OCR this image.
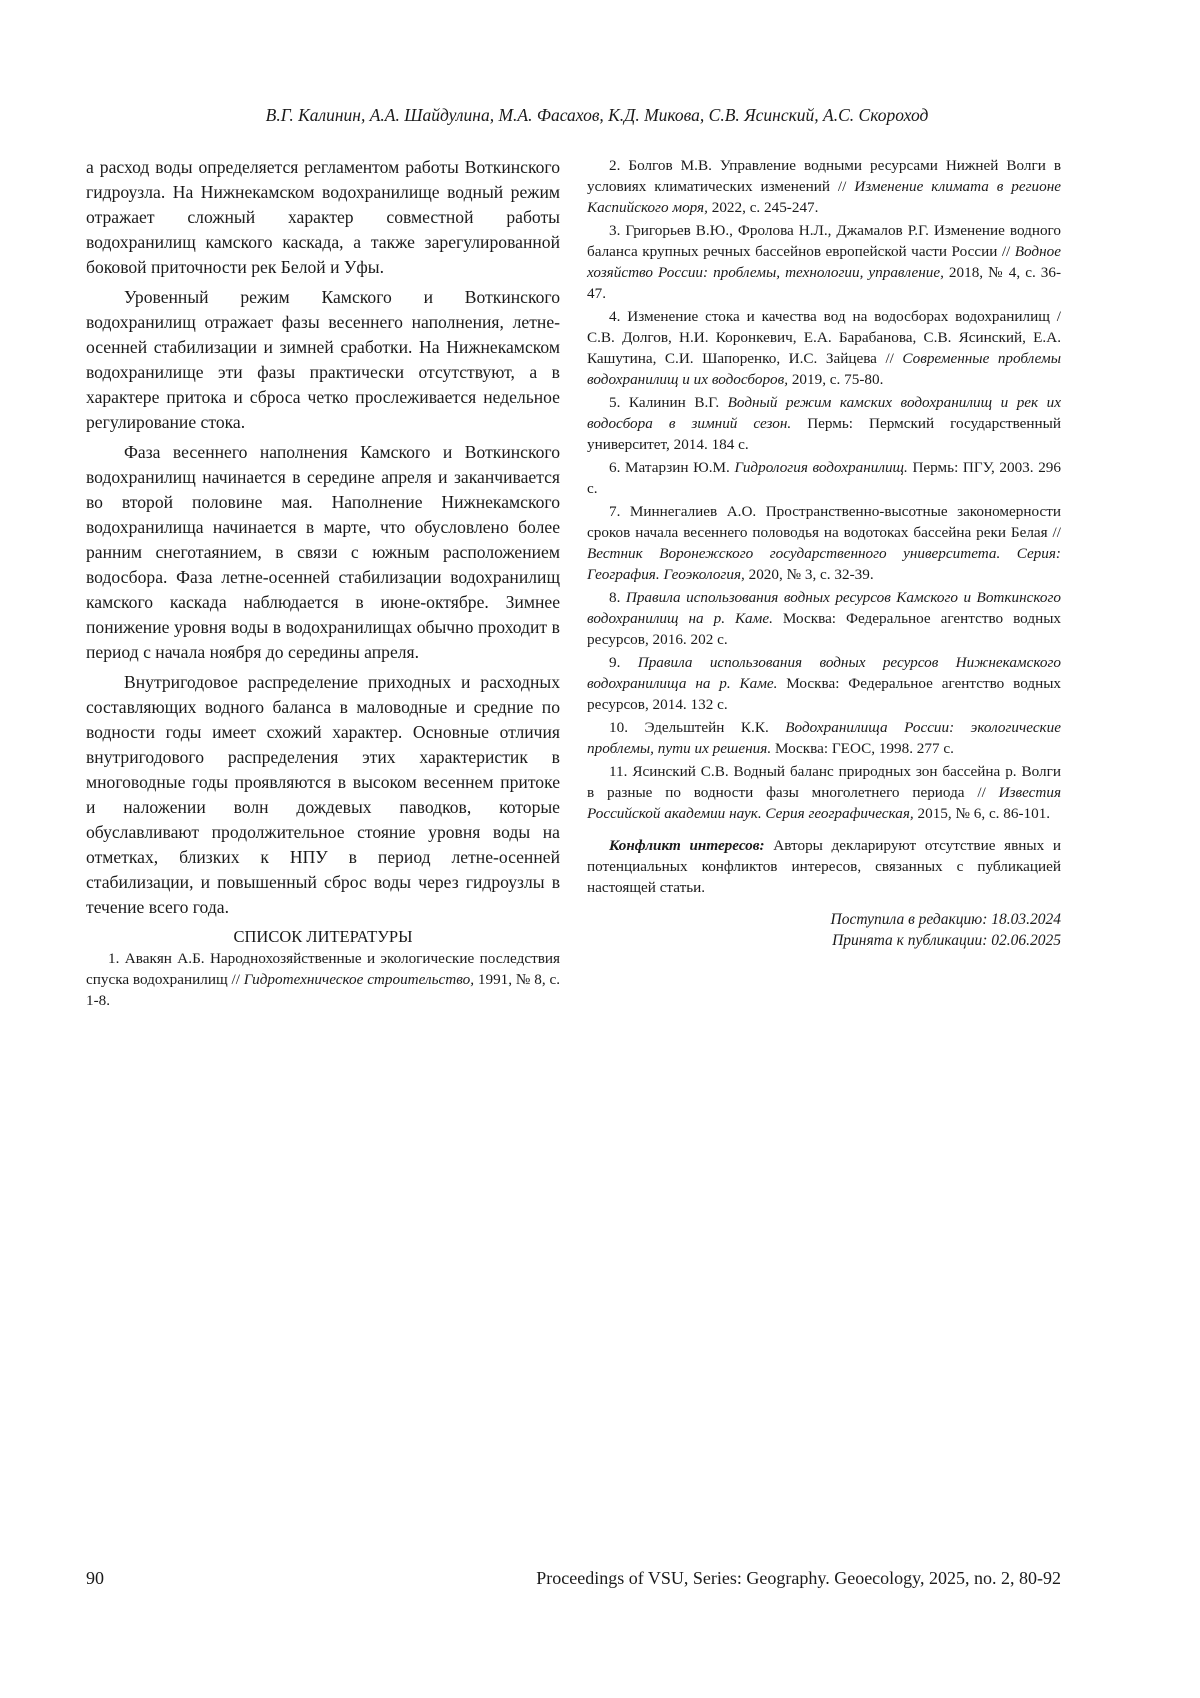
В.Г. Калинин, А.А. Шайдулина, М.А. Фасахов, К.Д. Микова, С.В. Ясинский, А.С. Скороход

а расход воды определяется регламентом работы Воткинского гидроузла. На Нижнекамском водохранилище водный режим отражает сложный характер совместной работы водохранилищ камского каскада, а также зарегулированной боковой приточности рек Белой и Уфы.

Уровенный режим Камского и Воткинского водохранилищ отражает фазы весеннего наполнения, летне-осенней стабилизации и зимней сработки. На Нижнекамском водохранилище эти фазы практически отсутствуют, а в характере притока и сброса четко прослеживается недельное регулирование стока.

Фаза весеннего наполнения Камского и Воткинского водохранилищ начинается в середине апреля и заканчивается во второй половине мая. Наполнение Нижнекамского водохранилища начинается в марте, что обусловлено более ранним снеготаянием, в связи с южным расположением водосбора. Фаза летне-осенней стабилизации водохранилищ камского каскада наблюдается в июне-октябре. Зимнее понижение уровня воды в водохранилищах обычно проходит в период с начала ноября до середины апреля.

Внутригодовое распределение приходных и расходных составляющих водного баланса в маловодные и средние по водности годы имеет схожий характер. Основные отличия внутригодового распределения этих характеристик в многоводные годы проявляются в высоком весеннем притоке и наложении волн дождевых паводков, которые обуславливают продолжительное стояние уровня воды на отметках, близких к НПУ в период летне-осенней стабилизации, и повышенный сброс воды через гидроузлы в течение всего года.

СПИСОК ЛИТЕРАТУРЫ

1. Авакян А.Б. Народнохозяйственные и экологические последствия спуска водохранилищ // Гидротехническое строительство, 1991, № 8, с. 1-8.

2. Болгов М.В. Управление водными ресурсами Нижней Волги в условиях климатических изменений // Изменение климата в регионе Каспийского моря, 2022, с. 245-247.

3. Григорьев В.Ю., Фролова Н.Л., Джамалов Р.Г. Изменение водного баланса крупных речных бассейнов европейской части России // Водное хозяйство России: проблемы, технологии, управление, 2018, № 4, с. 36-47.

4. Изменение стока и качества вод на водосборах водохранилищ / С.В. Долгов, Н.И. Коронкевич, Е.А. Барабанова, С.В. Ясинский, Е.А. Кашутина, С.И. Шапоренко, И.С. Зайцева // Современные проблемы водохранилищ и их водосборов, 2019, с. 75-80.

5. Калинин В.Г. Водный режим камских водохранилищ и рек их водосбора в зимний сезон. Пермь: Пермский государственный университет, 2014. 184 с.

6. Матарзин Ю.М. Гидрология водохранилищ. Пермь: ПГУ, 2003. 296 с.

7. Миннегалиев А.О. Пространственно-высотные закономерности сроков начала весеннего половодья на водотоках бассейна реки Белая // Вестник Воронежского государственного университета. Серия: География. Геоэкология, 2020, № 3, с. 32-39.

8. Правила использования водных ресурсов Камского и Воткинского водохранилищ на р. Каме. Москва: Федеральное агентство водных ресурсов, 2016. 202 с.

9. Правила использования водных ресурсов Нижнекамского водохранилища на р. Каме. Москва: Федеральное агентство водных ресурсов, 2014. 132 с.

10. Эдельштейн К.К. Водохранилища России: экологические проблемы, пути их решения. Москва: ГЕОС, 1998. 277 с.

11. Ясинский С.В. Водный баланс природных зон бассейна р. Волги в разные по водности фазы многолетнего периода // Известия Российской академии наук. Серия географическая, 2015, № 6, с. 86-101.

Конфликт интересов: Авторы декларируют отсутствие явных и потенциальных конфликтов интересов, связанных с публикацией настоящей статьи.

Поступила в редакцию: 18.03.2024
Принята к публикации: 02.06.2025
90	Proceedings of VSU, Series: Geography. Geoecology, 2025, no. 2, 80-92
